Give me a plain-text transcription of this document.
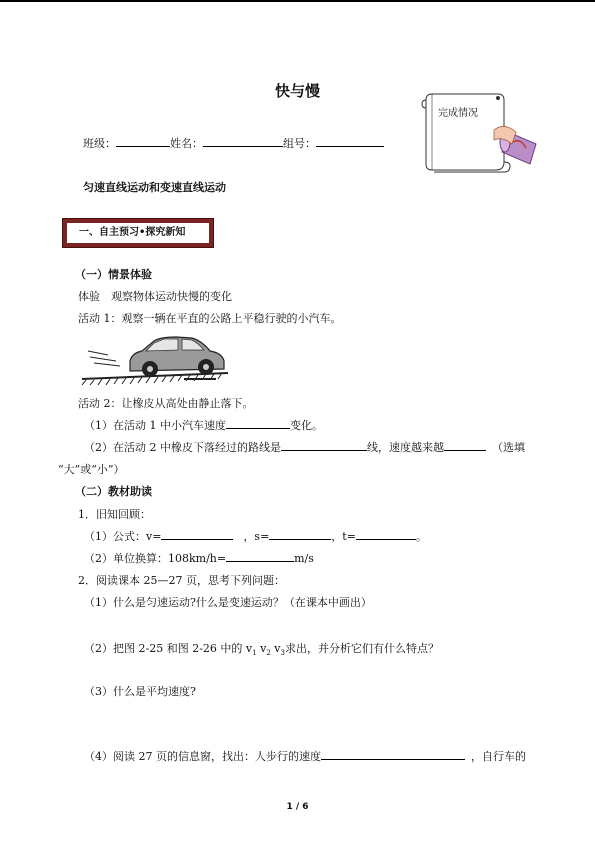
快与慢
完成情况
班级：	姓名：	组号：
匀速直线运动和变速直线运动
一、自主预习•探究新知
（一）情景体验
体验　观察物体运动快慢的变化
活动 1：观察一辆在平直的公路上平稳行驶的小汽车。
活动 2：让橡皮从高处由静止落下。
（1）在活动 1 中小汽车速度	变化。
（2）在活动 2 中橡皮下落经过的路线是	线，速度越来越	（选填
“大”或“小”）
（二）教材助读
1．旧知回顾：
（1）公式：v=	，s=	，t=	。
（2）单位换算：108km/h=	m/s
2．阅读课本 25—27 页，思考下列问题：
（1）什么是匀速运动?什么是变速运动？（在课本中画出）
（2）把图 2-25 和图 2-26 中的 $v_1$ $v_2$ $v_3$求出，并分析它们有什么特点？
（3）什么是平均速度?
（4）阅读 27 页的信息窗，找出：人步行的速度	，自行车的
1 / 6
